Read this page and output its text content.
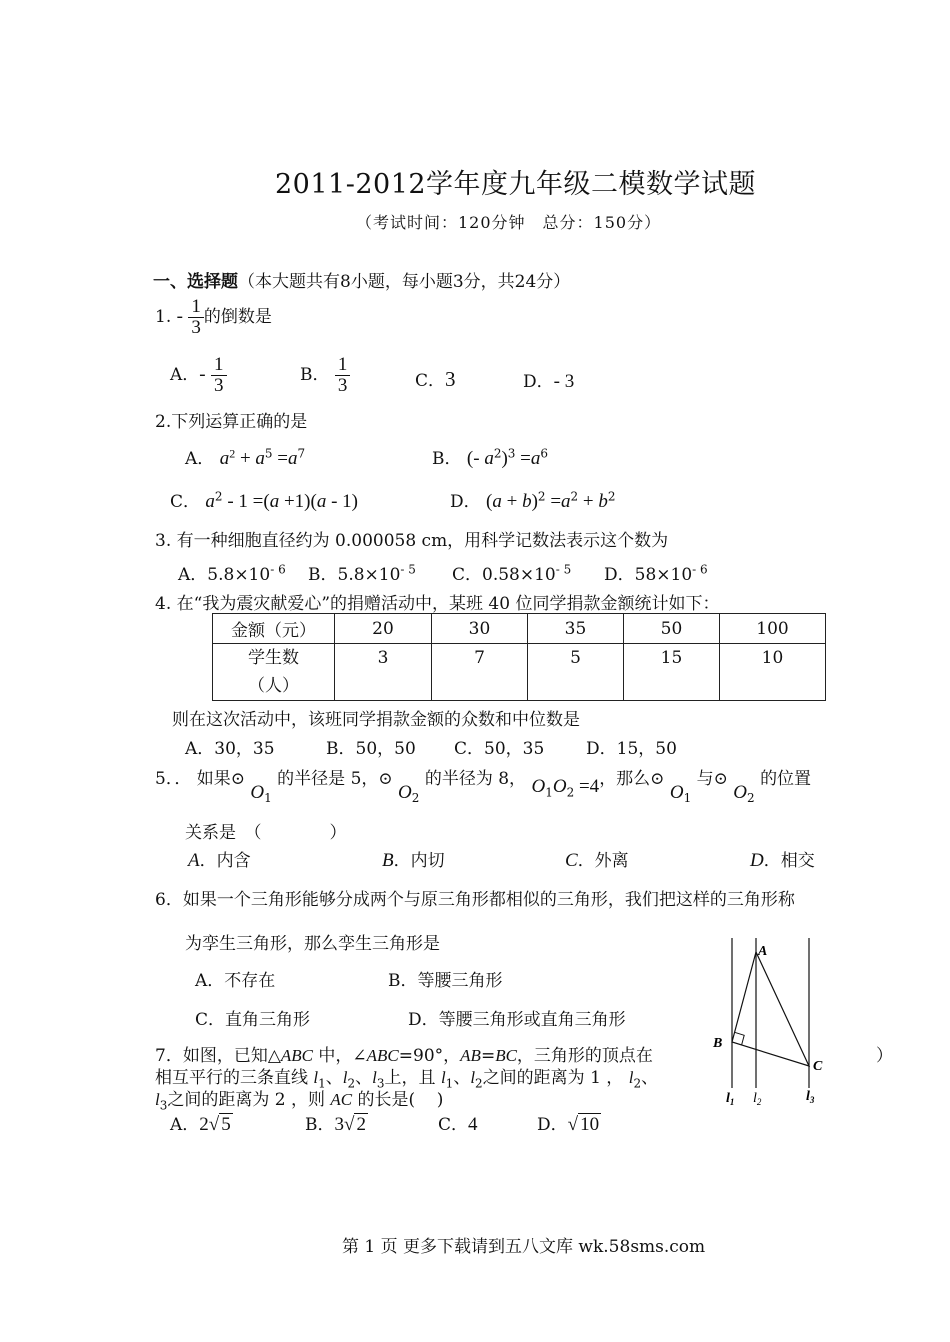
2011-2012学年度九年级二模数学试题
（考试时间：120分钟　总分：150分）
一、选择题（本大题共有8小题，每小题3分，共24分）
1. - $\frac{1}{3}$ 的倒数是
A．- $\frac{1}{3}$	B． $\frac{1}{3}$	C．3	D．- 3
2.下列运算正确的是
A． $a^2 + a^5 =a^7$	B． (- $a^2)^3 =a^6$
C． $a^2 - 1 =(a +1)(a - 1)$	D． $(a + b)^2 =a^2 + b^2$
3. 有一种细胞直径约为 0.000058 cm，用科学记数法表示这个数为
A．$5.8\times 10^{- 6}$ B．$5.8\times 10^{- 5}$ C．$0.58\times 10^{- 5}$ D．$58\times 10^{- 6}$
4. 在“我为震灾献爱心”的捐赠活动中，某班 40 位同学捐款金额统计如下：
金额（元）	20	30	35	50	100

学生数
（人）	3	7	5	15	10
则在这次活动中，该班同学捐款金额的众数和中位数是
A．30，35	B．50，50 C．50，35 D．15，50
5．． 如果⊙ $O_1$ 的半径是 5，⊙ $O_2$ 的半径为 8， $O_1O_2 =4$，那么⊙ $O_1$ 与⊙ $O_2$ 的位置
关系是　（　　　　）
A．内含	B．内切	C．外离	D．相交
6．如果一个三角形能够分成两个与原三角形都相似的三角形，我们把这样的三角形称
为孪生三角形，那么孪生三角形是
A．不存在	B．等腰三角形
C．直角三角形	D．等腰三角形或直角三角形
7．如图，已知△ABC 中，∠ABC=90°，AB=BC，三角形的顶点在
相互平行的三条直线 $l_1$、$l_2$、$l_3$上，且 $l_1$、$l_2$之间的距离为 1 ， $l_2$、
$l_3$之间的距离为 2 ，则 AC 的长是(    )
）
A．2√ 5	B．3√ 2	C．4	D．√ 10
A
B
C
$l_1$ $l_2$	$l_3$
第 1 页 更多下载请到五八文库 wk.58sms.com
